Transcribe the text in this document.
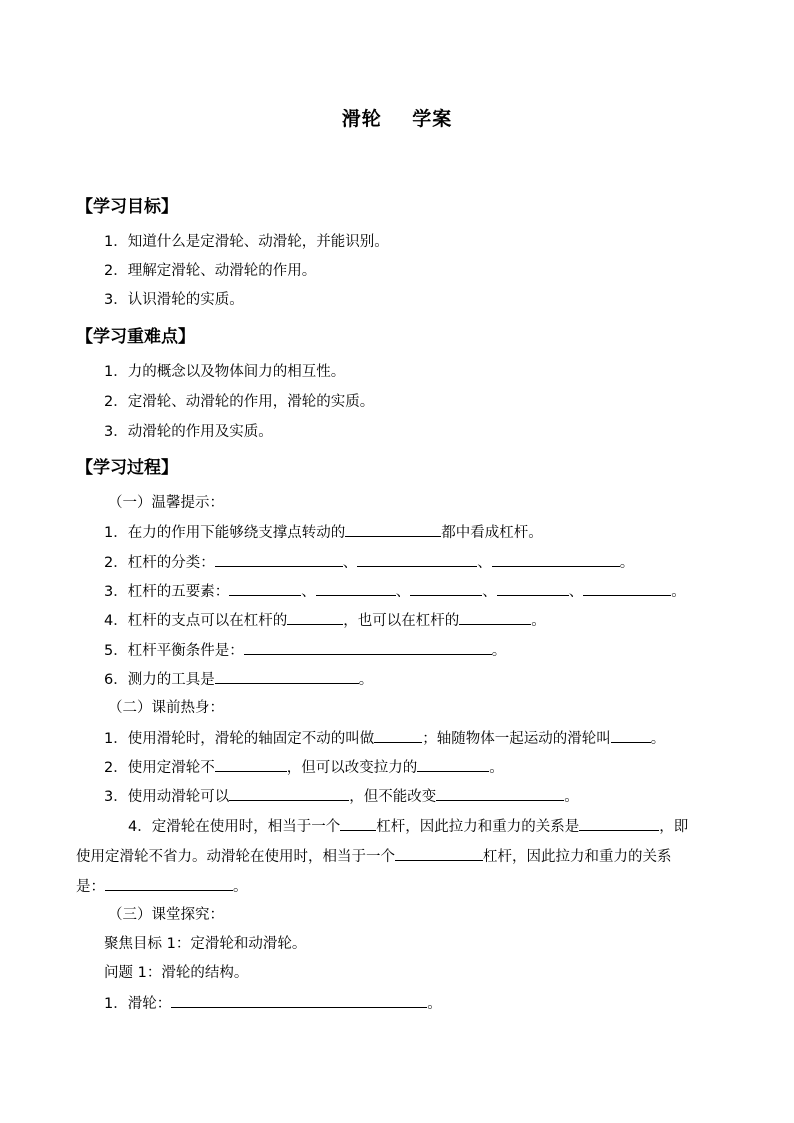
滑轮    学案
【学习目标】
1．知道什么是定滑轮、动滑轮，并能识别。
2．理解定滑轮、动滑轮的作用。
3．认识滑轮的实质。
【学习重难点】
1．力的概念以及物体间力的相互性。
2．定滑轮、动滑轮的作用，滑轮的实质。
3．动滑轮的作用及实质。
【学习过程】
（一）温馨提示：
1．在力的作用下能够绕支撑点转动的	都中看成杠杆。
2．杠杆的分类：	、	、	。
3．杠杆的五要素：	、	、	、	、	。
4．杠杆的支点可以在杠杆的	，也可以在杠杆的	。
5．杠杆平衡条件是：	。
6．测力的工具是	。
（二）课前热身：
1．使用滑轮时，滑轮的轴固定不动的叫做	；轴随物体一起运动的滑轮叫	。
2．使用定滑轮不	，但可以改变拉力的	。
3．使用动滑轮可以	，但不能改变	。
4．定滑轮在使用时，相当于一个 杠杆，因此拉力和重力的关系是	，即
使用定滑轮不省力。动滑轮在使用时，相当于一个	杠杆，因此拉力和重力的关系
是：	。
（三）课堂探究：
聚焦目标 1：定滑轮和动滑轮。
问题 1：滑轮的结构。
1．滑轮：	。
